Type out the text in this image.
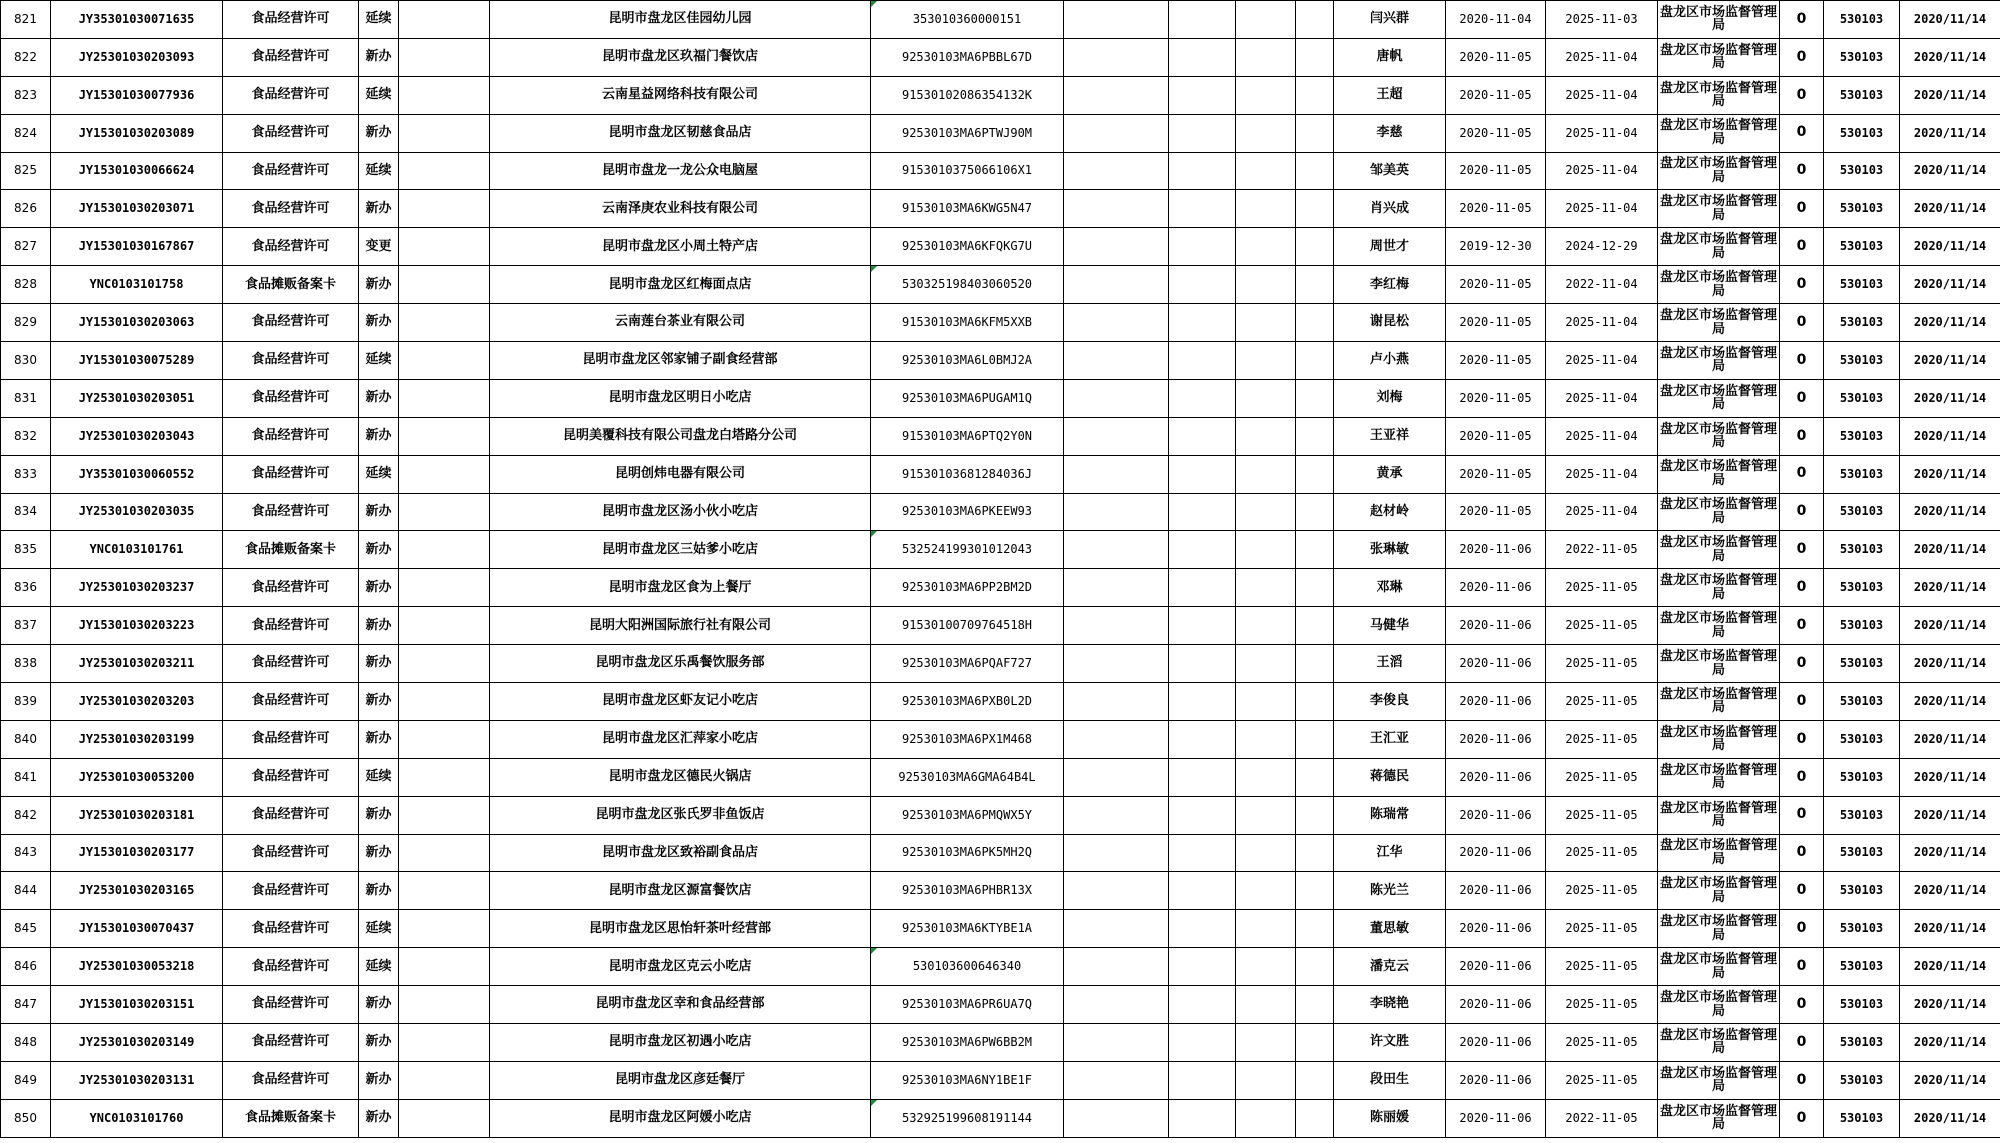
821	JY35301030071635	食品经营许可	延续		昆明市盘龙区佳园幼儿园	353010360000151					闫兴群	2020-11-04	2025-11-03	盘龙区市场监督管理局	0	530103	2020/11/14
822	JY25301030203093	食品经营许可	新办		昆明市盘龙区玖福门餐饮店	92530103MA6PBBL67D					唐帆	2020-11-05	2025-11-04	盘龙区市场监督管理局	0	530103	2020/11/14
823	JY15301030077936	食品经营许可	延续		云南星益网络科技有限公司	91530102086354132K					王超	2020-11-05	2025-11-04	盘龙区市场监督管理局	0	530103	2020/11/14
824	JY15301030203089	食品经营许可	新办		昆明市盘龙区韧慈食品店	92530103MA6PTWJ90M					李慈	2020-11-05	2025-11-04	盘龙区市场监督管理局	0	530103	2020/11/14
825	JY15301030066624	食品经营许可	延续		昆明市盘龙一龙公众电脑屋	9153010375066106X1					邹美英	2020-11-05	2025-11-04	盘龙区市场监督管理局	0	530103	2020/11/14
826	JY15301030203071	食品经营许可	新办		云南泽庚农业科技有限公司	91530103MA6KWG5N47					肖兴成	2020-11-05	2025-11-04	盘龙区市场监督管理局	0	530103	2020/11/14
827	JY15301030167867	食品经营许可	变更		昆明市盘龙区小周土特产店	92530103MA6KFQKG7U					周世才	2019-12-30	2024-12-29	盘龙区市场监督管理局	0	530103	2020/11/14
828	YNC0103101758	食品摊贩备案卡	新办		昆明市盘龙区红梅面点店	530325198403060520					李红梅	2020-11-05	2022-11-04	盘龙区市场监督管理局	0	530103	2020/11/14
829	JY15301030203063	食品经营许可	新办		云南莲台茶业有限公司	91530103MA6KFM5XXB					谢昆松	2020-11-05	2025-11-04	盘龙区市场监督管理局	0	530103	2020/11/14
830	JY15301030075289	食品经营许可	延续		昆明市盘龙区邻家铺子副食经营部	92530103MA6L0BMJ2A					卢小燕	2020-11-05	2025-11-04	盘龙区市场监督管理局	0	530103	2020/11/14
831	JY25301030203051	食品经营许可	新办		昆明市盘龙区明日小吃店	92530103MA6PUGAM1Q					刘梅	2020-11-05	2025-11-04	盘龙区市场监督管理局	0	530103	2020/11/14
832	JY25301030203043	食品经营许可	新办		昆明美覆科技有限公司盘龙白塔路分公司	91530103MA6PTQ2Y0N					王亚祥	2020-11-05	2025-11-04	盘龙区市场监督管理局	0	530103	2020/11/14
833	JY35301030060552	食品经营许可	延续		昆明创炜电器有限公司	91530103681284036J					黄承	2020-11-05	2025-11-04	盘龙区市场监督管理局	0	530103	2020/11/14
834	JY25301030203035	食品经营许可	新办		昆明市盘龙区汤小伙小吃店	92530103MA6PKEEW93					赵材岭	2020-11-05	2025-11-04	盘龙区市场监督管理局	0	530103	2020/11/14
835	YNC0103101761	食品摊贩备案卡	新办		昆明市盘龙区三姑爹小吃店	532524199301012043					张琳敏	2020-11-06	2022-11-05	盘龙区市场监督管理局	0	530103	2020/11/14
836	JY25301030203237	食品经营许可	新办		昆明市盘龙区食为上餐厅	92530103MA6PP2BM2D					邓琳	2020-11-06	2025-11-05	盘龙区市场监督管理局	0	530103	2020/11/14
837	JY15301030203223	食品经营许可	新办		昆明大阳洲国际旅行社有限公司	91530100709764518H					马健华	2020-11-06	2025-11-05	盘龙区市场监督管理局	0	530103	2020/11/14
838	JY25301030203211	食品经营许可	新办		昆明市盘龙区乐禹餐饮服务部	92530103MA6PQAF727					王滔	2020-11-06	2025-11-05	盘龙区市场监督管理局	0	530103	2020/11/14
839	JY25301030203203	食品经营许可	新办		昆明市盘龙区虾友记小吃店	92530103MA6PXB0L2D					李俊良	2020-11-06	2025-11-05	盘龙区市场监督管理局	0	530103	2020/11/14
840	JY25301030203199	食品经营许可	新办		昆明市盘龙区汇萍家小吃店	92530103MA6PX1M468					王汇亚	2020-11-06	2025-11-05	盘龙区市场监督管理局	0	530103	2020/11/14
841	JY25301030053200	食品经营许可	延续		昆明市盘龙区德民火锅店	92530103MA6GMA64B4L					蒋德民	2020-11-06	2025-11-05	盘龙区市场监督管理局	0	530103	2020/11/14
842	JY25301030203181	食品经营许可	新办		昆明市盘龙区张氏罗非鱼饭店	92530103MA6PMQWX5Y					陈瑞常	2020-11-06	2025-11-05	盘龙区市场监督管理局	0	530103	2020/11/14
843	JY15301030203177	食品经营许可	新办		昆明市盘龙区致裕副食品店	92530103MA6PK5MH2Q					江华	2020-11-06	2025-11-05	盘龙区市场监督管理局	0	530103	2020/11/14
844	JY25301030203165	食品经营许可	新办		昆明市盘龙区源富餐饮店	92530103MA6PHBR13X					陈光兰	2020-11-06	2025-11-05	盘龙区市场监督管理局	0	530103	2020/11/14
845	JY15301030070437	食品经营许可	延续		昆明市盘龙区思怡轩茶叶经营部	92530103MA6KTYBE1A					董思敏	2020-11-06	2025-11-05	盘龙区市场监督管理局	0	530103	2020/11/14
846	JY25301030053218	食品经营许可	延续		昆明市盘龙区克云小吃店	530103600646340					潘克云	2020-11-06	2025-11-05	盘龙区市场监督管理局	0	530103	2020/11/14
847	JY15301030203151	食品经营许可	新办		昆明市盘龙区幸和食品经营部	92530103MA6PR6UA7Q					李晓艳	2020-11-06	2025-11-05	盘龙区市场监督管理局	0	530103	2020/11/14
848	JY25301030203149	食品经营许可	新办		昆明市盘龙区初遇小吃店	92530103MA6PW6BB2M					许文胜	2020-11-06	2025-11-05	盘龙区市场监督管理局	0	530103	2020/11/14
849	JY25301030203131	食品经营许可	新办		昆明市盘龙区彦廷餐厅	92530103MA6NY1BE1F					段田生	2020-11-06	2025-11-05	盘龙区市场监督管理局	0	530103	2020/11/14
850	YNC0103101760	食品摊贩备案卡	新办		昆明市盘龙区阿媛小吃店	532925199608191144					陈丽媛	2020-11-06	2022-11-05	盘龙区市场监督管理局	0	530103	2020/11/14
